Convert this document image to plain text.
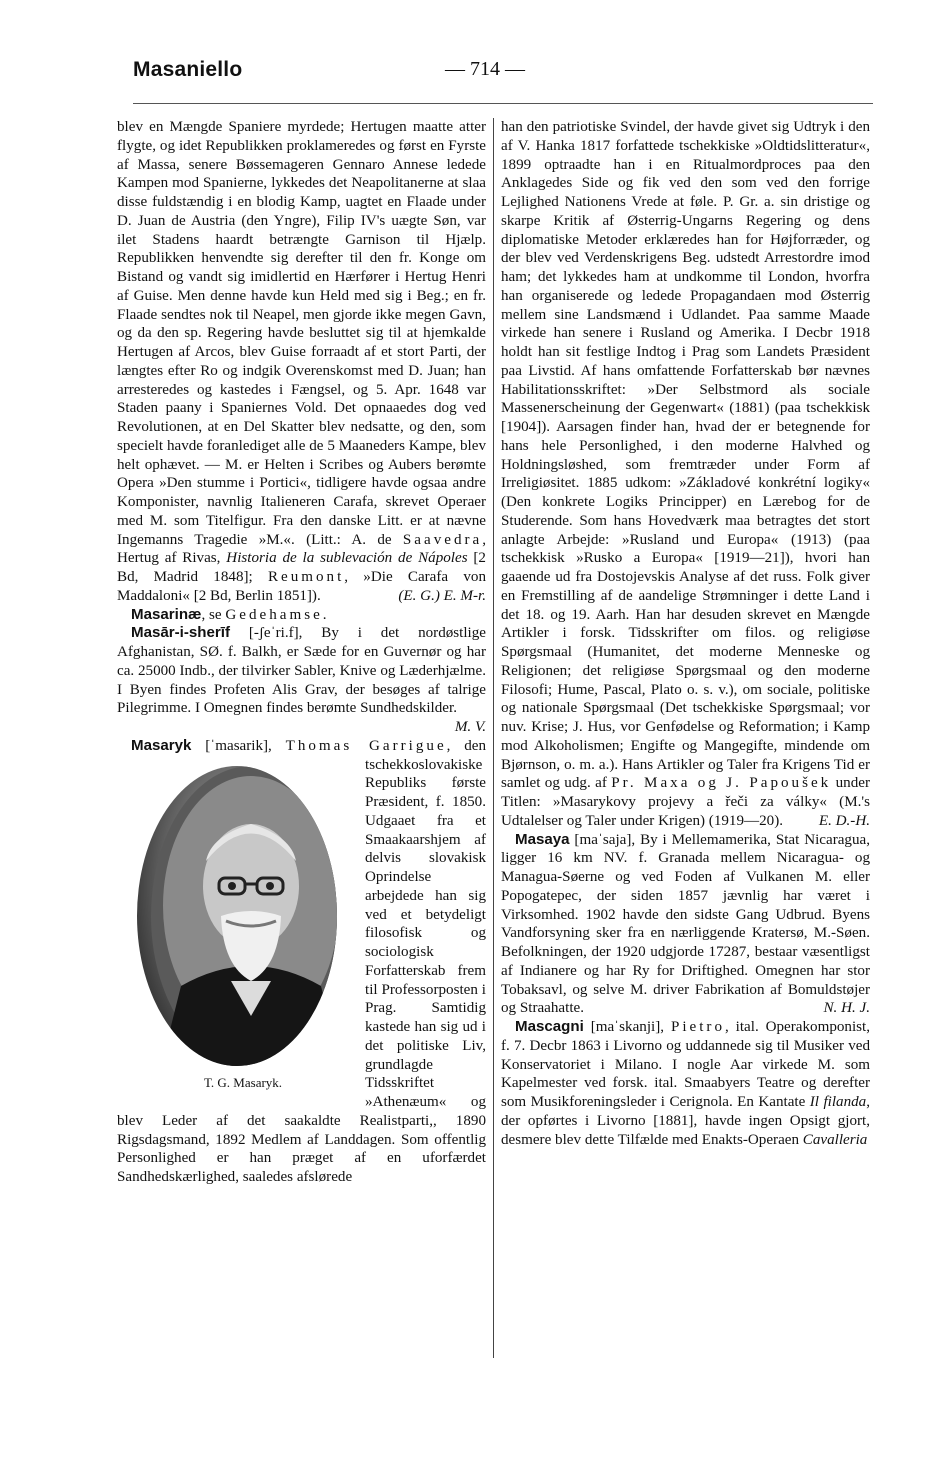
Masaniello	— 714 —

blev en Mængde Spaniere myrdede; Hertugen maatte atter flygte, og idet Republikken proklameredes og først en Fyrste af Massa, senere Bøssemageren Gennaro Annese ledede Kampen mod Spanierne, lykkedes det Neapolitanerne at slaa disse fuldstændig i en blodig Kamp, uagtet en Flaade under D. Juan de Austria (den Yngre), Filip IV's uægte Søn, var ilet Stadens haardt betrængte Garnison til Hjælp. Republikken henvendte sig derefter til den fr. Konge om Bistand og vandt sig imidlertid en Hærfører i Hertug Henri af Guise. Men denne havde kun Held med sig i Beg.; en fr. Flaade sendtes nok til Neapel, men gjorde ikke megen Gavn, og da den sp. Regering havde besluttet sig til at hjemkalde Hertugen af Arcos, blev Guise forraadt af et stort Parti, der længtes efter Ro og indgik Overenskomst med D. Juan; han arresteredes og kastedes i Fængsel, og 5. Apr. 1648 var Staden paany i Spaniernes Vold. Det opnaaedes dog ved Revolutionen, at en Del Skatter blev nedsatte, og den, som specielt havde foranlediget alle de 5 Maaneders Kampe, blev helt ophævet. — M. er Helten i Scribes og Aubers berømte Opera »Den stumme i Portici«, tidligere havde ogsaa andre Komponister, navnlig Italieneren Carafa, skrevet Operaer med M. som Titelfigur. Fra den danske Litt. er at nævne Ingemanns Tragedie »M.«. (Litt.: A. de Saavedra, Hertug af Rivas, Historia de la sublevación de Nápoles [2 Bd, Madrid 1848]; Reumont, »Die Carafa von Maddaloni« [2 Bd, Berlin 1851]).	(E. G.) E. M-r.

Masarinæ, se Gedehamse.

Masār-i-sherīf [-ʃeˈri.f], By i det nordøstlige Afghanistan, SØ. f. Balkh, er Sæde for en Guvernør og har ca. 25000 Indb., der tilvirker Sabler, Knive og Læderhjælme. I Byen findes Profeten Alis Grav, der besøges af talrige Pilegrimme. I Omegnen findes berømte Sundhedskilder.
M. V.

Masaryk [ˈmasarik], Thomas Garrigue
T. G. Masaryk.
, den tschekkoslovakiske Republiks første Præsident, f. 1850. Udgaaet fra et Smaakaarshjem af delvis slovakisk Oprindelse arbejdede han sig ved et betydeligt filosofisk og sociologisk Forfatterskab frem til Professorposten i Prag. Samtidig kastede han sig ud i det politiske Liv, grundlagde Tidsskriftet »Athenæum« og blev Leder af det saakaldte Realistparti,, 1890 Rigsdagsmand, 1892 Medlem af Landdagen. Som offentlig Personlighed er han præget af en uforfærdet Sandhedskærlighed, saaledes afslørede

han den patriotiske Svindel, der havde givet sig Udtryk i den af V. Hanka 1817 forfattede tschekkiske »Oldtidslitteratur«, 1899 optraadte han i en Ritualmordproces paa den Anklagedes Side og fik ved den som ved den forrige Lejlighed Nationens Vrede at føle. P. Gr. a. sin dristige og skarpe Kritik af Østerrig-Ungarns Regering og dens diplomatiske Metoder erklæredes han for Højforræder, og der blev ved Verdenskrigens Beg. udstedt Arrestordre imod ham; det lykkedes ham at undkomme til London, hvorfra han organiserede og ledede Propagandaen mod Østerrig mellem sine Landsmænd i Udlandet. Paa samme Maade virkede han senere i Rusland og Amerika. I Decbr 1918 holdt han sit festlige Indtog i Prag som Landets Præsident paa Livstid. Af hans omfattende Forfatterskab bør nævnes Habilitationsskriftet: »Der Selbstmord als sociale Massenerscheinung der Gegenwart« (1881) (paa tschekkisk [1904]). Aarsagen finder han, hvad der er betegnende for hans hele Personlighed, i den moderne Halvhed og Holdningsløshed, som fremtræder under Form af Irreligiøsitet. 1885 udkom: »Základové konkrétní logiky« (Den konkrete Logiks Principper) en Lærebog for de Studerende. Som hans Hovedværk maa betragtes det stort anlagte Arbejde: »Rusland und Europa« (1913) (paa tschekkisk »Rusko a Europa« [1919—21]), hvori han gaaende ud fra Dostojevskis Analyse af det russ. Folk giver en Fremstilling af de aandelige Strømninger i dette Land i det 18. og 19. Aarh. Han har desuden skrevet en Mængde Artikler i forsk. Tidsskrifter om filos. og religiøse Spørgsmaal (Humanitet, det moderne Menneske og Religionen; det religiøse Spørgsmaal og den moderne Filosofi; Hume, Pascal, Plato o. s. v.), om sociale, politiske og nationale Spørgsmaal (Det tschekkiske Spørgsmaal; vor nuv. Krise; J. Hus, vor Genfødelse og Reformation; i Kamp mod Alkoholismen; Engifte og Mangegifte, mindende om Bjørnson, o. m. a.). Hans Artikler og Taler fra Krigens Tid er samlet og udg. af Pr. Maxa og J. Papoušek under Titlen: »Masarykovy projevy a řeči za války« (M.'s Udtalelser og Taler under Krigen) (1919—20). E. D.-H.

Masaya [maˈsaja], By i Mellemamerika, Stat Nicaragua, ligger 16 km NV. f. Granada mellem Nicaragua- og Managua-Søerne og ved Foden af Vulkanen M. eller Popogatepec, der siden 1857 jævnlig har været i Virksomhed. 1902 havde den sidste Gang Udbrud. Byens Vandforsyning sker fra en nærliggende Kratersø, M.-Søen. Befolkningen, der 1920 udgjorde 17287, bestaar væsentligst af Indianere og har Ry for Driftighed. Omegnen har stor Tobaksavl, og selve M. driver Fabrikation af Bomuldstøjer og Straahatte.	N. H. J.

Mascagni [maˈskanji], Pietro, ital. Operakomponist, f. 7. Decbr 1863 i Livorno og uddannede sig til Musiker ved Konservatoriet i Milano. I nogle Aar virkede M. som Kapelmester ved forsk. ital. Smaabyers Teatre og derefter som Musikforeningsleder i Cerignola. En Kantate Il filanda, der opførtes i Livorno [1881], havde ingen Opsigt gjort, desmere blev dette Tilfælde med Enakts-Operaen Cavalleria
